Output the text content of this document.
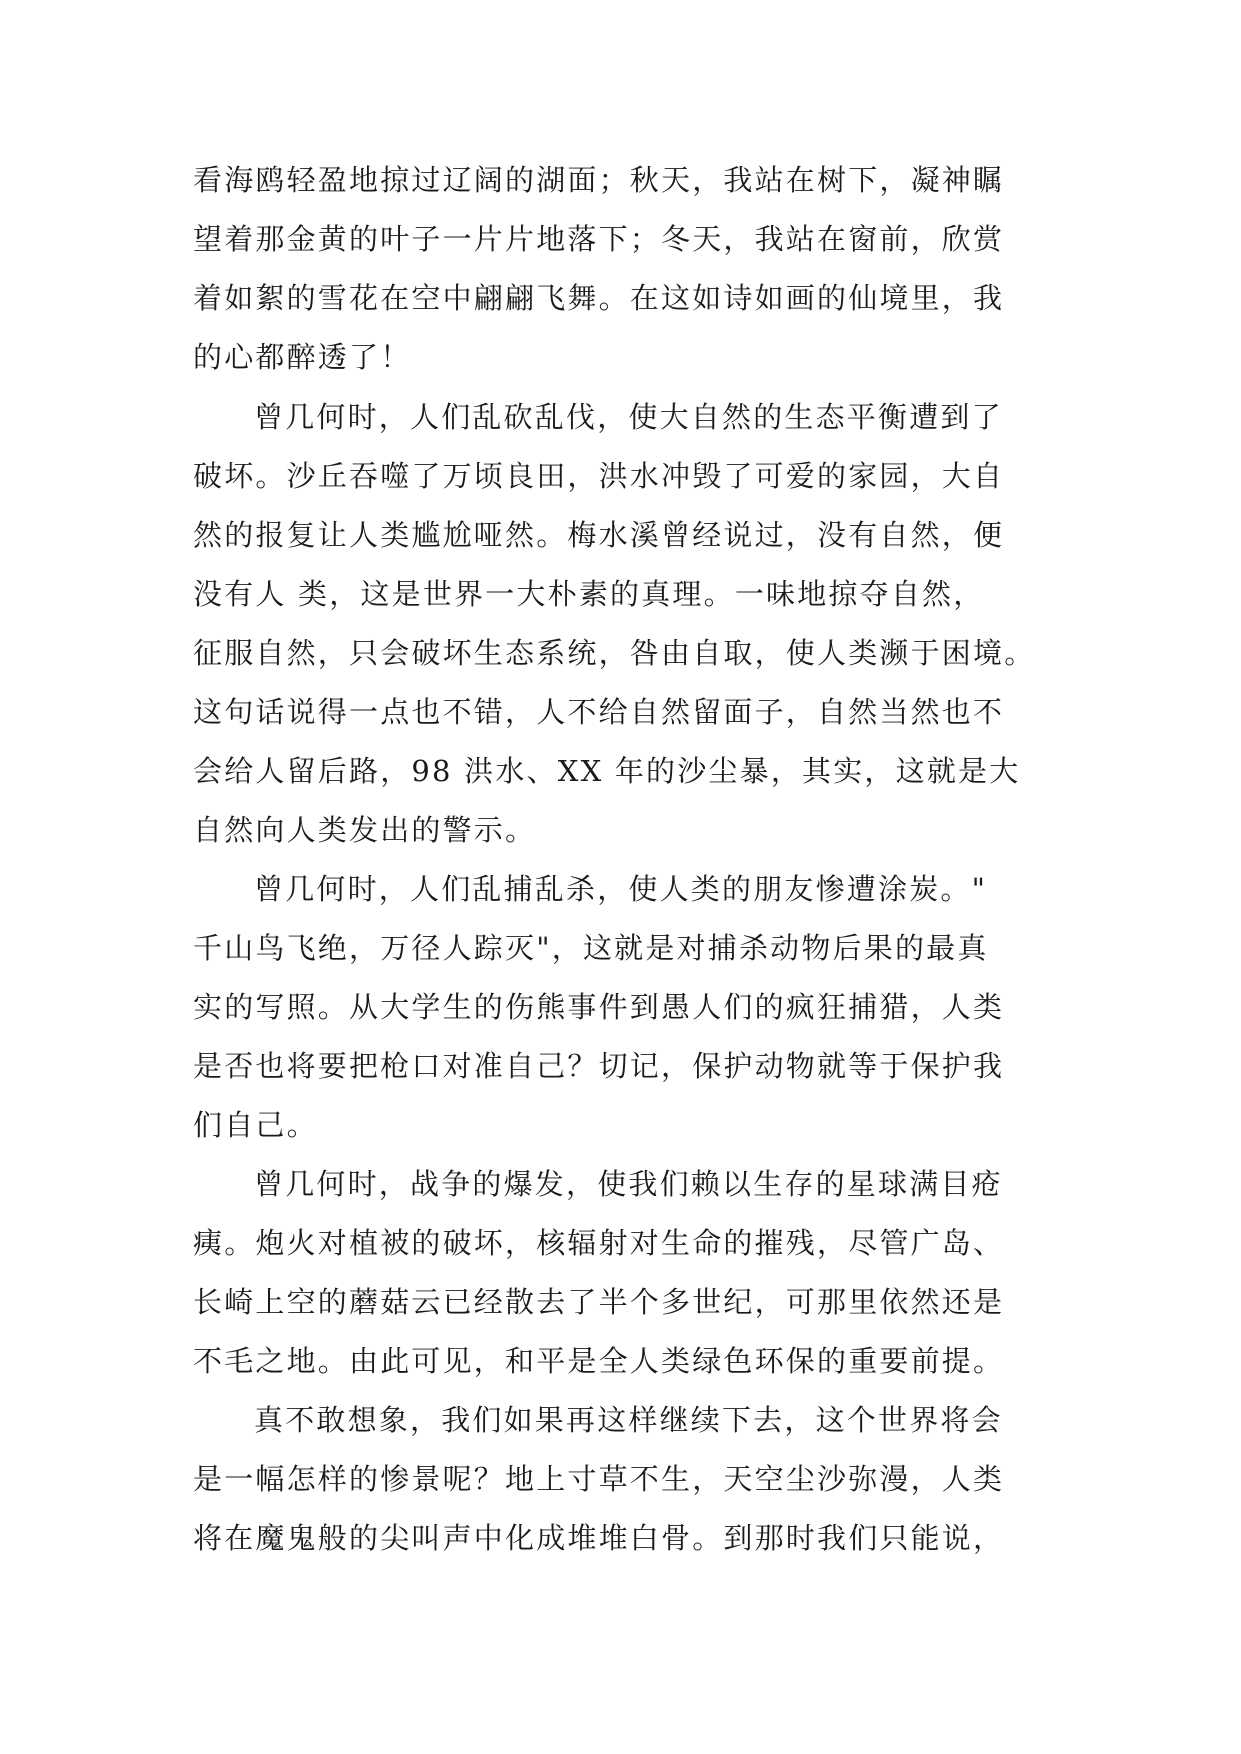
看海鸥轻盈地掠过辽阔的湖面；秋天，我站在树下，凝神瞩
望着那金黄的叶子一片片地落下；冬天，我站在窗前，欣赏
着如絮的雪花在空中翩翩飞舞。在这如诗如画的仙境里，我
的心都醉透了！
曾几何时，人们乱砍乱伐，使大自然的生态平衡遭到了
破坏。沙丘吞噬了万顷良田，洪水冲毁了可爱的家园，大自
然的报复让人类尴尬哑然。梅水溪曾经说过，没有自然，便
没有人 类，这是世界一大朴素的真理。一味地掠夺自然，
征服自然，只会破坏生态系统，咎由自取，使人类濒于困境。
这句话说得一点也不错，人不给自然留面子，自然当然也不
会给人留后路，98 洪水、XX 年的沙尘暴，其实，这就是大
自然向人类发出的警示。
曾几何时，人们乱捕乱杀，使人类的朋友惨遭涂炭。"
千山鸟飞绝，万径人踪灭"，这就是对捕杀动物后果的最真
实的写照。从大学生的伤熊事件到愚人们的疯狂捕猎，人类
是否也将要把枪口对准自己？切记，保护动物就等于保护我
们自己。
曾几何时，战争的爆发，使我们赖以生存的星球满目疮
痍。炮火对植被的破坏，核辐射对生命的摧残，尽管广岛、
长崎上空的蘑菇云已经散去了半个多世纪，可那里依然还是
不毛之地。由此可见，和平是全人类绿色环保的重要前提。
真不敢想象，我们如果再这样继续下去，这个世界将会
是一幅怎样的惨景呢？地上寸草不生，天空尘沙弥漫，人类
将在魔鬼般的尖叫声中化成堆堆白骨。到那时我们只能说，
